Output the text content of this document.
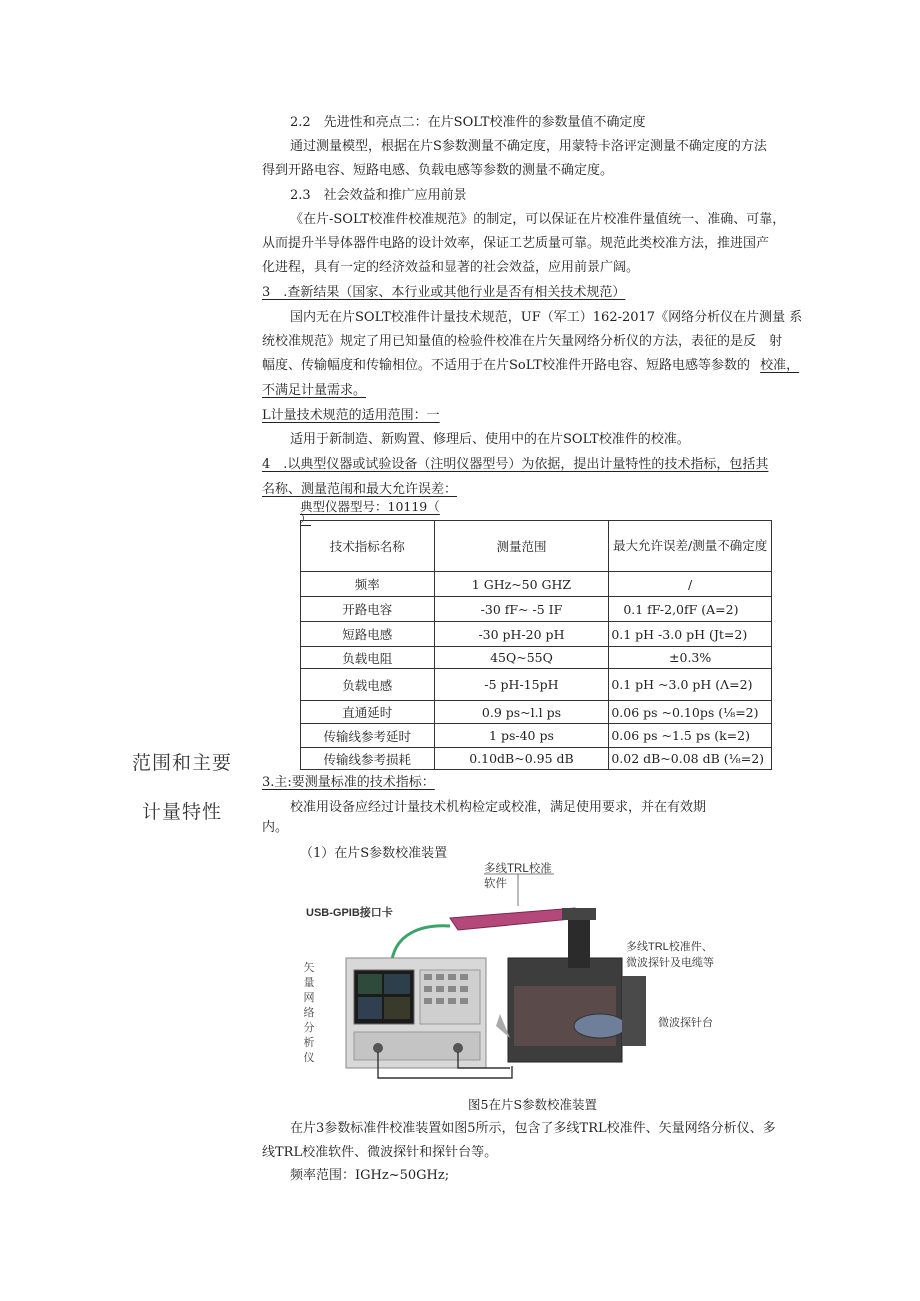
2.2　先进性和亮点二：在片SOLT校准件的参数量值不确定度
通过测量模型，根据在片S参数测量不确定度，用蒙特卡洛评定测量不确定度的方法
得到开路电容、短路电感、负载电感等参数的测量不确定度。
2.3　社会效益和推广应用前景
《在片-SOLT校准件校准规范》的制定，可以保证在片校准件量值统一、准确、可靠，
从而提升半导体器件电路的设计效率，保证工艺质量可靠。规范此类校准方法，推进国产
化进程，具有一定的经济效益和显著的社会效益，应用前景广阔。
3　.查新结果（国家、本行业或其他行业是否有相关技术规范）
国内无在片SOLT校准件计量技术规范，UF（军工）162-2017《网络分析仪在片测量 系
统校准规范》规定了用已知量值的检验件校准在片矢量网络分析仪的方法，表征的是反　射
幅度、传输幅度和传输相位。不适用于在片SoLT校准件开路电容、短路电感等参数的 校准，
不满足计量需求。
L计量技术规范的适用范围：一
适用于新制造、新购置、修理后、使用中的在片SOLT校准件的校准。
4　.以典型仪器或试验设备（注明仪器型号）为依据，提出计量特性的技术指标，包括其
名称、测量范闱和最大允许误差：
典型仪器型号：10119（
）
范围和主要
计量特性
技术指标名称	测量范围	最大允许误差/测量不确定度
频率	1 GHz~50 GHZ	/
开路电容	-30 fF~ -5 IF	0.1 fF-2,0fF (A=2)
短路电感	-30 pH-20 pH	0.1 pH -3.0 pH (Jt=2)
负载电阻	45Q~55Q	±0.3%
负载电感	-5 pH-15pH	0.1 pH ~3.0 pH (Λ=2)
直通延时	0.9 ps~l.l ps	0.06 ps ~0.10ps (⅛=2)
传输线参考延时	1 ps-40 ps	0.06 ps ~1.5 ps (k=2)
传输线参考损耗	0.10dB~0.95 dB	0.02 dB~0.08 dB (⅛=2)
3.主:要测量标准的技术指标：
校准用设备应经过计量技术机构检定或校准，满足使用要求，并在有效期
内。
（1）在片S参数校准装置
多线TRL校准
软件
USB-GPIB接口卡
矢
量
网
络
分
析
仪
多线TRL校准件、
微波探针及电缆等
微波探针台
图5在片S参数校准装置
在片3参数标准件校准装置如图5所示，包含了多线TRL校准件、矢量网络分析仪、多
线TRL校准软件、微波探针和探针台等。
频率范围：IGHz~50GHz;
